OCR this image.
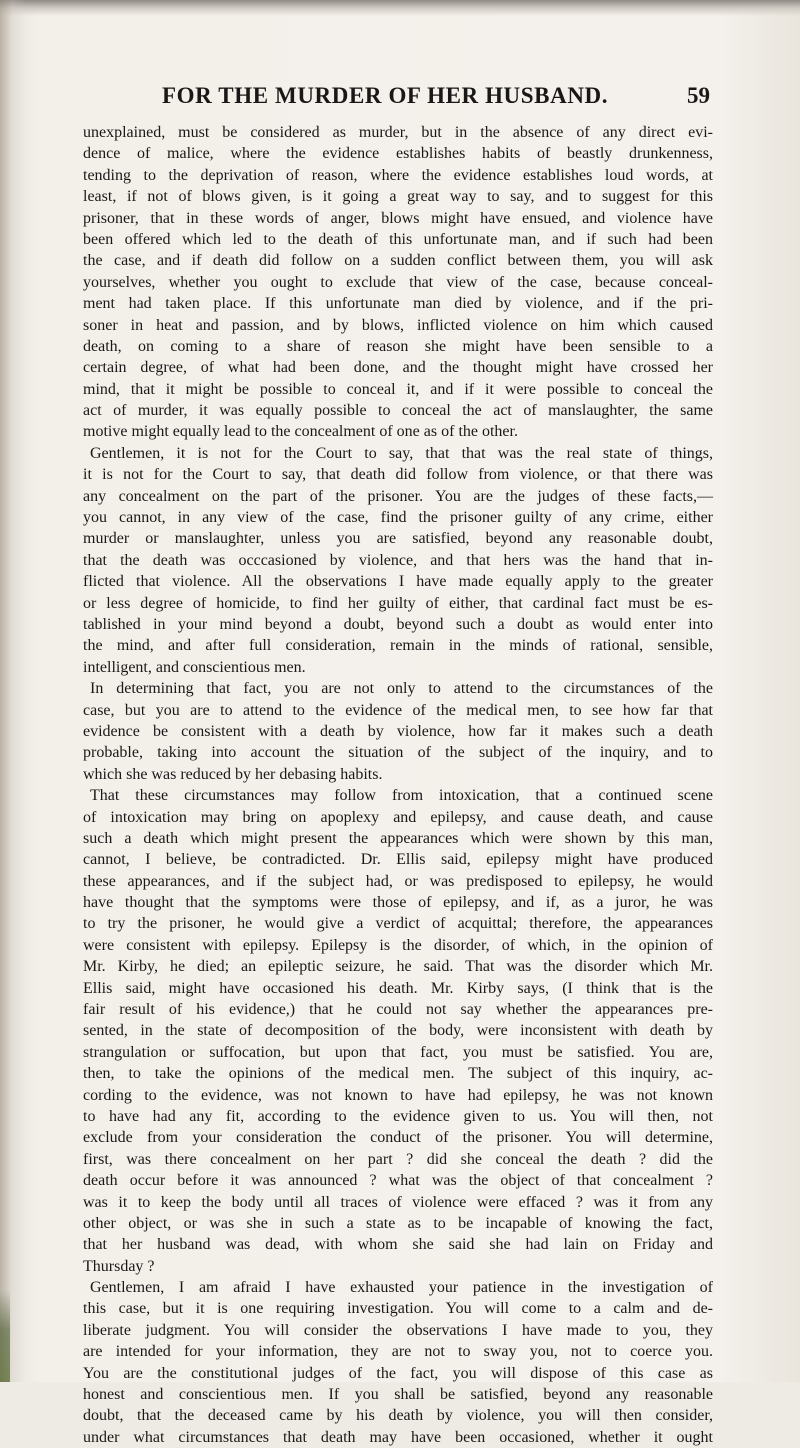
FOR THE MURDER OF HER HUSBAND.	59
unexplained, must be considered as murder, but in the absence of any direct evi-
dence of malice, where the evidence establishes habits of beastly drunkenness,
tending to the deprivation of reason, where the evidence establishes loud words, at
least, if not of blows given, is it going a great way to say, and to suggest for this
prisoner, that in these words of anger, blows might have ensued, and violence have
been offered which led to the death of this unfortunate man, and if such had been
the case, and if death did follow on a sudden conflict between them, you will ask
yourselves, whether you ought to exclude that view of the case, because conceal-
ment had taken place. If this unfortunate man died by violence, and if the pri-
soner in heat and passion, and by blows, inflicted violence on him which caused
death, on coming to a share of reason she might have been sensible to a
certain degree, of what had been done, and the thought might have crossed her
mind, that it might be possible to conceal it, and if it were possible to conceal the
act of murder, it was equally possible to conceal the act of manslaughter, the same
motive might equally lead to the concealment of one as of the other.
Gentlemen, it is not for the Court to say, that that was the real state of things,
it is not for the Court to say, that death did follow from violence, or that there was
any concealment on the part of the prisoner. You are the judges of these facts,—
you cannot, in any view of the case, find the prisoner guilty of any crime, either
murder or manslaughter, unless you are satisfied, beyond any reasonable doubt,
that the death was occcasioned by violence, and that hers was the hand that in-
flicted that violence. All the observations I have made equally apply to the greater
or less degree of homicide, to find her guilty of either, that cardinal fact must be es-
tablished in your mind beyond a doubt, beyond such a doubt as would enter into
the mind, and after full consideration, remain in the minds of rational, sensible,
intelligent, and conscientious men.
In determining that fact, you are not only to attend to the circumstances of the
case, but you are to attend to the evidence of the medical men, to see how far that
evidence be consistent with a death by violence, how far it makes such a death
probable, taking into account the situation of the subject of the inquiry, and to
which she was reduced by her debasing habits.
That these circumstances may follow from intoxication, that a continued scene
of intoxication may bring on apoplexy and epilepsy, and cause death, and cause
such a death which might present the appearances which were shown by this man,
cannot, I believe, be contradicted. Dr. Ellis said, epilepsy might have produced
these appearances, and if the subject had, or was predisposed to epilepsy, he would
have thought that the symptoms were those of epilepsy, and if, as a juror, he was
to try the prisoner, he would give a verdict of acquittal; therefore, the appearances
were consistent with epilepsy. Epilepsy is the disorder, of which, in the opinion of
Mr. Kirby, he died; an epileptic seizure, he said. That was the disorder which Mr.
Ellis said, might have occasioned his death. Mr. Kirby says, (I think that is the
fair result of his evidence,) that he could not say whether the appearances pre-
sented, in the state of decomposition of the body, were inconsistent with death by
strangulation or suffocation, but upon that fact, you must be satisfied. You are,
then, to take the opinions of the medical men. The subject of this inquiry, ac-
cording to the evidence, was not known to have had epilepsy, he was not known
to have had any fit, according to the evidence given to us. You will then, not
exclude from your consideration the conduct of the prisoner. You will determine,
first, was there concealment on her part ? did she conceal the death ? did the
death occur before it was announced ? what was the object of that concealment ?
was it to keep the body until all traces of violence were effaced ? was it from any
other object, or was she in such a state as to be incapable of knowing the fact,
that her husband was dead, with whom she said she had lain on Friday and
Thursday ?
Gentlemen, I am afraid I have exhausted your patience in the investigation of
this case, but it is one requiring investigation. You will come to a calm and de-
liberate judgment. You will consider the observations I have made to you, they
are intended for your information, they are not to sway you, not to coerce you.
You are the constitutional judges of the fact, you will dispose of this case as
honest and conscientious men. If you shall be satisfied, beyond any reasonable
doubt, that the deceased came by his death by violence, you will then consider,
under what circumstances that death may have been occasioned, whether it ought
